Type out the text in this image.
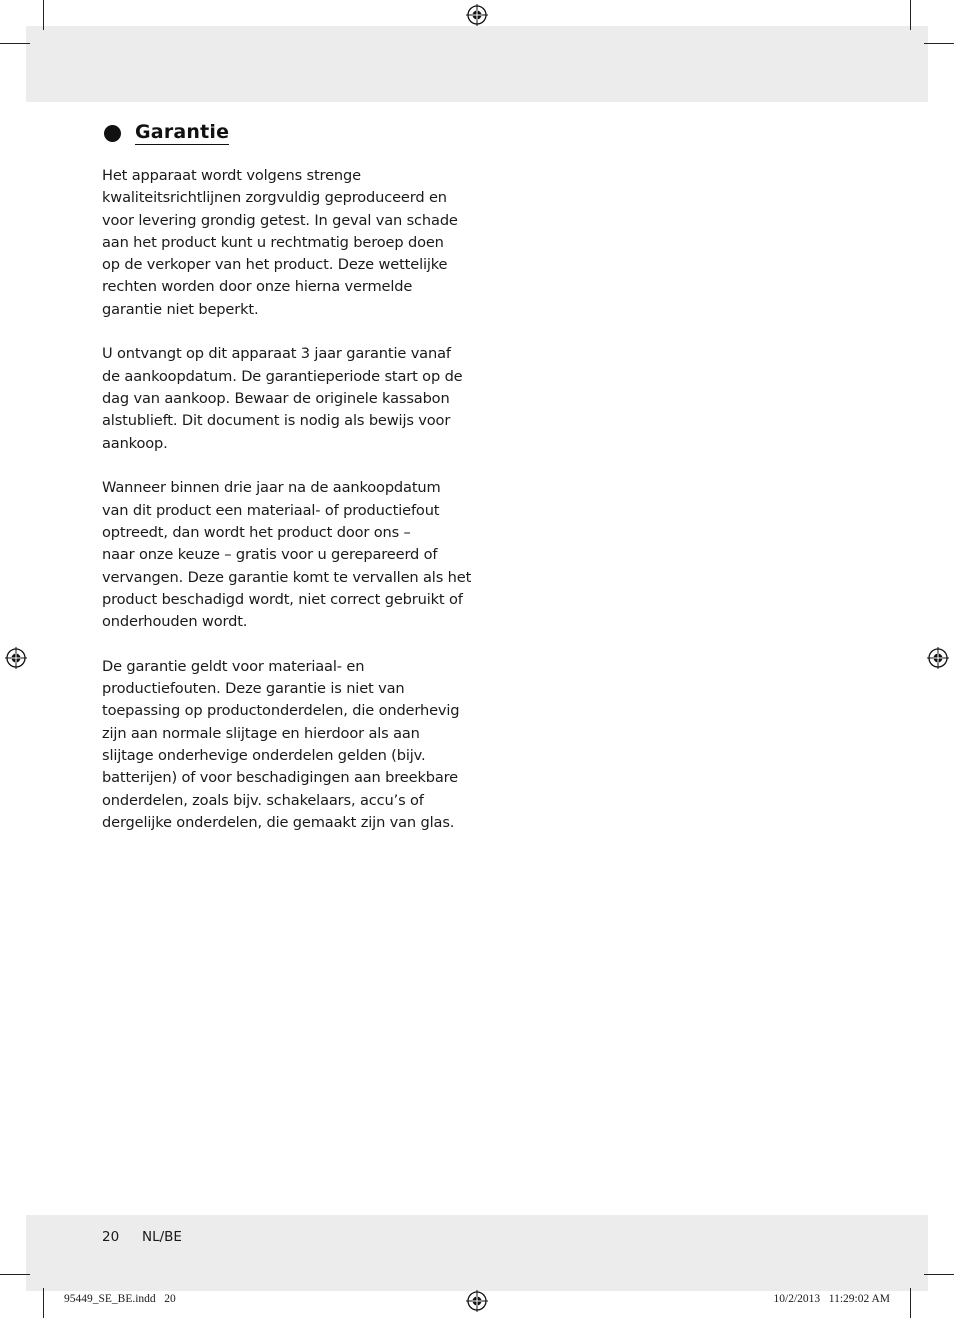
Garantie

Het apparaat wordt volgens strenge
kwaliteitsrichtlijnen zorgvuldig geproduceerd en
voor levering grondig getest. In geval van schade
aan het product kunt u rechtmatig beroep doen
op de verkoper van het product. Deze wettelijke
rechten worden door onze hierna vermelde
garantie niet beperkt.

U ontvangt op dit apparaat 3 jaar garantie vanaf
de aankoopdatum. De garantieperiode start op de
dag van aankoop. Bewaar de originele kassabon
alstublieft. Dit document is nodig als bewijs voor
aankoop.

Wanneer binnen drie jaar na de aankoopdatum
van dit product een materiaal- of productiefout
optreedt, dan wordt het product door ons –
naar onze keuze – gratis voor u gerepareerd of
vervangen. Deze garantie komt te vervallen als het
product beschadigd wordt, niet correct gebruikt of
onderhouden wordt.

De garantie geldt voor materiaal- en
productiefouten. Deze garantie is niet van
toepassing op productonderdelen, die onderhevig
zijn aan normale slijtage en hierdoor als aan
slijtage onderhevige onderdelen gelden (bijv.
batterijen) of voor beschadigingen aan breekbare
onderdelen, zoals bijv. schakelaars, accu’s of
dergelijke onderdelen, die gemaakt zijn van glas.

20 NL/BE
95449_SE_BE.indd   20	10/2/2013   11:29:02 AM
